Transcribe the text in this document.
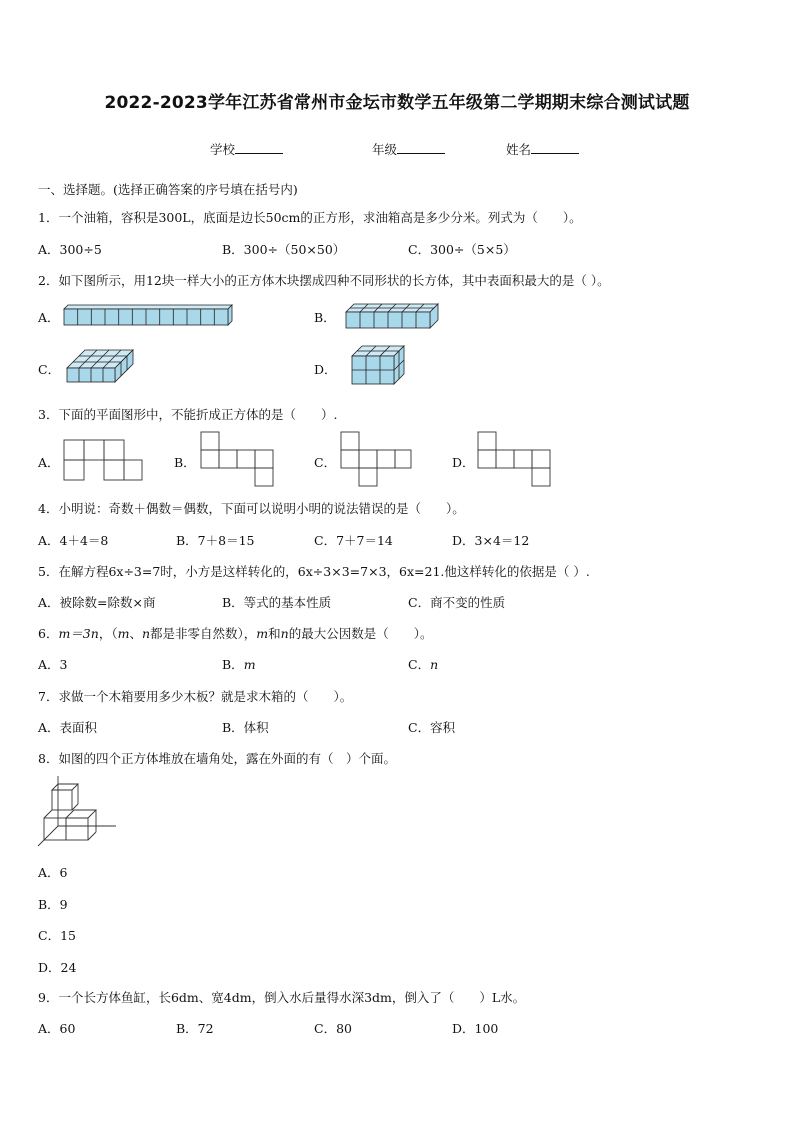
2022-2023学年江苏省常州市金坛市数学五年级第二学期期末综合测试试题
学校	年级	姓名
一、选择题。(选择正确答案的序号填在括号内)
1．一个油箱，容积是300L，底面是边长50cm的正方形，求油箱高是多少分米。列式为（　　）。
A．300÷5	B．300÷（50×50）	C．300÷（5×5）
2．如下图所示，用12块一样大小的正方体木块摆成四种不同形状的长方体，其中表面积最大的是（ ）。
A．	B．
C．	D．
3．下面的平面图形中，不能折成正方体的是（　　）.
A．	B．	C．	D．
4．小明说：奇数＋偶数＝偶数，下面可以说明小明的说法错误的是（　　）。
A．4＋4＝8	B．7＋8＝15	C．7＋7＝14	D．3×4＝12
5．在解方程6x÷3=7时，小方是这样转化的，6x÷3×3=7×3，6x=21.他这样转化的依据是（ ）.
A．被除数=除数×商	B．等式的基本性质	C．商不变的性质
6．m＝3n，（m、n都是非零自然数），m和n的最大公因数是（　　）。
A．3	B．m	C．n
7．求做一个木箱要用多少木板？就是求木箱的（　　）。
A．表面积	B．体积	C．容积
8．如图的四个正方体堆放在墙角处，露在外面的有（　）个面。
A．6
B．9
C．15
D．24
9．一个长方体鱼缸，长6dm、宽4dm，倒入水后量得水深3dm，倒入了（　　）L水。
A．60	B．72	C．80	D．100
